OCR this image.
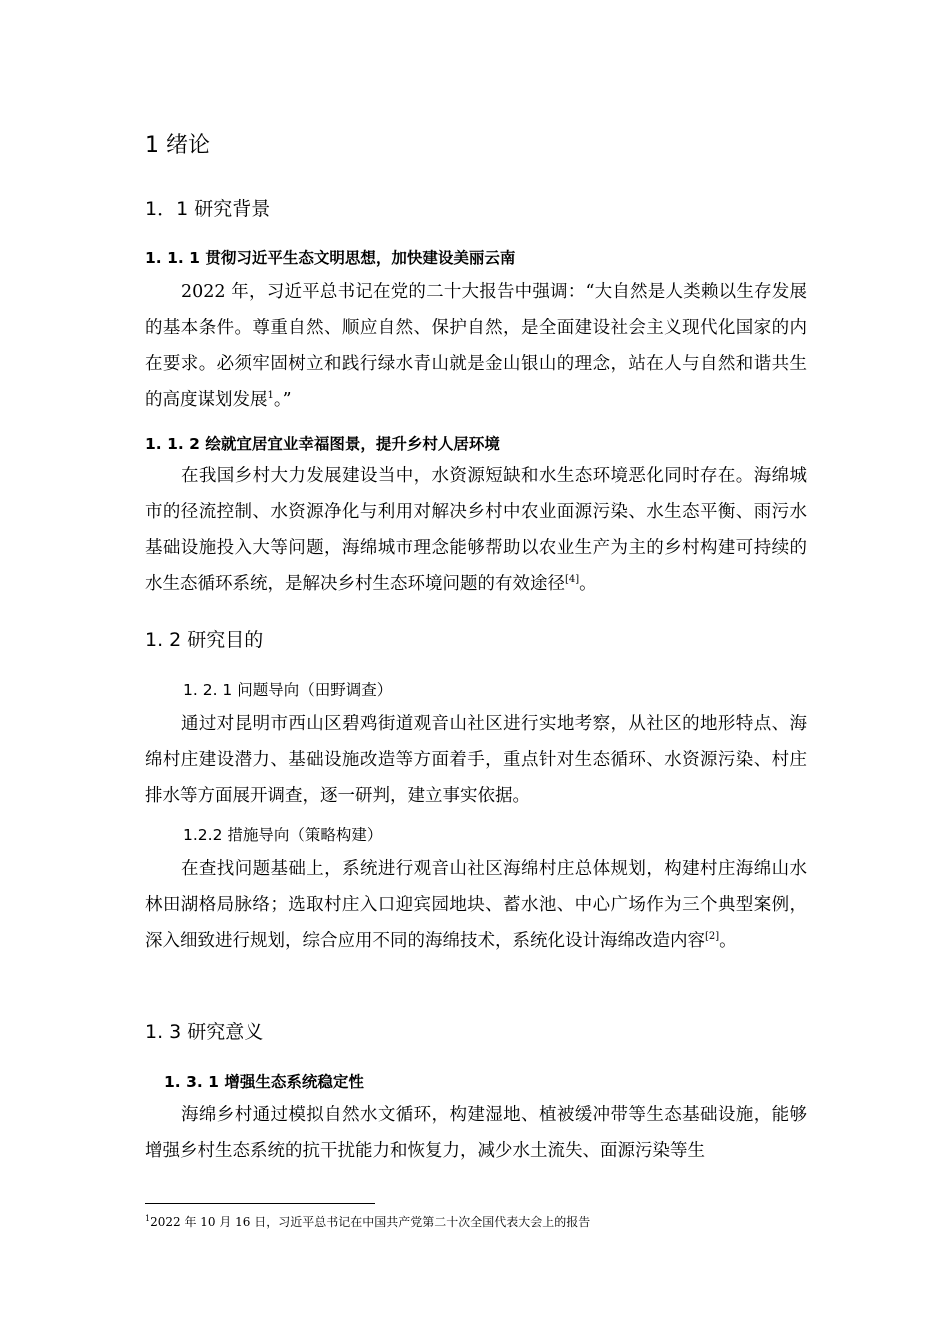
1 绪论
1．1 研究背景
1. 1. 1 贯彻习近平生态文明思想，加快建设美丽云南

2022 年，习近平总书记在党的二十大报告中强调：“大自然是人类赖以生存发展的基本条件。尊重自然、顺应自然、保护自然，是全面建设社会主义现代化国家的内在要求。必须牢固树立和践行绿水青山就是金山银山的理念，站在人与自然和谐共生的高度谋划发展$^1$。”

1. 1. 2 绘就宜居宜业幸福图景，提升乡村人居环境

在我国乡村大力发展建设当中，水资源短缺和水生态环境恶化同时存在。海绵城市的径流控制、水资源净化与利用对解决乡村中农业面源污染、水生态平衡、雨污水基础设施投入大等问题，海绵城市理念能够帮助以农业生产为主的乡村构建可持续的水生态循环系统，是解决乡村生态环境问题的有效途径[4]。

1. 2 研究目的
1. 2. 1 问题导向（田野调查）

通过对昆明市西山区碧鸡街道观音山社区进行实地考察，从社区的地形特点、海绵村庄建设潜力、基础设施改造等方面着手，重点针对生态循环、水资源污染、村庄排水等方面展开调查，逐一研判，建立事实依据。

1.2.2 措施导向（策略构建）

在查找问题基础上，系统进行观音山社区海绵村庄总体规划，构建村庄海绵山水林田湖格局脉络；选取村庄入口迎宾园地块、蓄水池、中心广场作为三个典型案例，深入细致进行规划，综合应用不同的海绵技术，系统化设计海绵改造内容[2]。

1. 3 研究意义
1. 3. 1 增强生态系统稳定性

海绵乡村通过模拟自然水文循环，构建湿地、植被缓冲带等生态基础设施，能够增强乡村生态系统的抗干扰能力和恢复力，减少水土流失、面源污染等生

$^1$2022 年 10 月 16 日，习近平总书记在中国共产党第二十次全国代表大会上的报告
